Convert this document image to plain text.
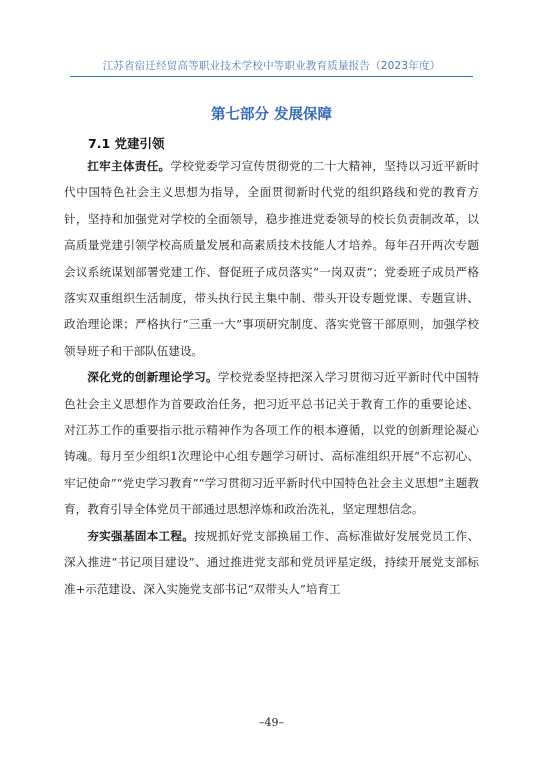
江苏省宿迁经贸高等职业技术学校中等职业教育质量报告（2023年度）
第七部分 发展保障
7.1 党建引领

扛牢主体责任。学校党委学习宣传贯彻党的二十大精神，坚持以习近平新时代中国特色社会主义思想为指导，全面贯彻新时代党的组织路线和党的教育方针，坚持和加强党对学校的全面领导，稳步推进党委领导的校长负责制改革，以高质量党建引领学校高质量发展和高素质技术技能人才培养。每年召开两次专题会议系统谋划部署党建工作、督促班子成员落实“一岗双责”；党委班子成员严格落实双重组织生活制度，带头执行民主集中制、带头开设专题党课、专题宣讲、政治理论课；严格执行“三重一大”事项研究制度、落实党管干部原则，加强学校领导班子和干部队伍建设。

深化党的创新理论学习。学校党委坚持把深入学习贯彻习近平新时代中国特色社会主义思想作为首要政治任务，把习近平总书记关于教育工作的重要论述、对江苏工作的重要指示批示精神作为各项工作的根本遵循，以党的创新理论凝心铸魂。每月至少组织1次理论中心组专题学习研讨、高标准组织开展“不忘初心、牢记使命”“党史学习教育”“学习贯彻习近平新时代中国特色社会主义思想”主题教育，教育引导全体党员干部通过思想淬炼和政治洗礼，坚定理想信念。

夯实强基固本工程。按规抓好党支部换届工作、高标准做好发展党员工作、深入推进“书记项目建设”、通过推进党支部和党员评星定级，持续开展党支部标准+示范建设、深入实施党支部书记“双带头人”培育工

–49–
